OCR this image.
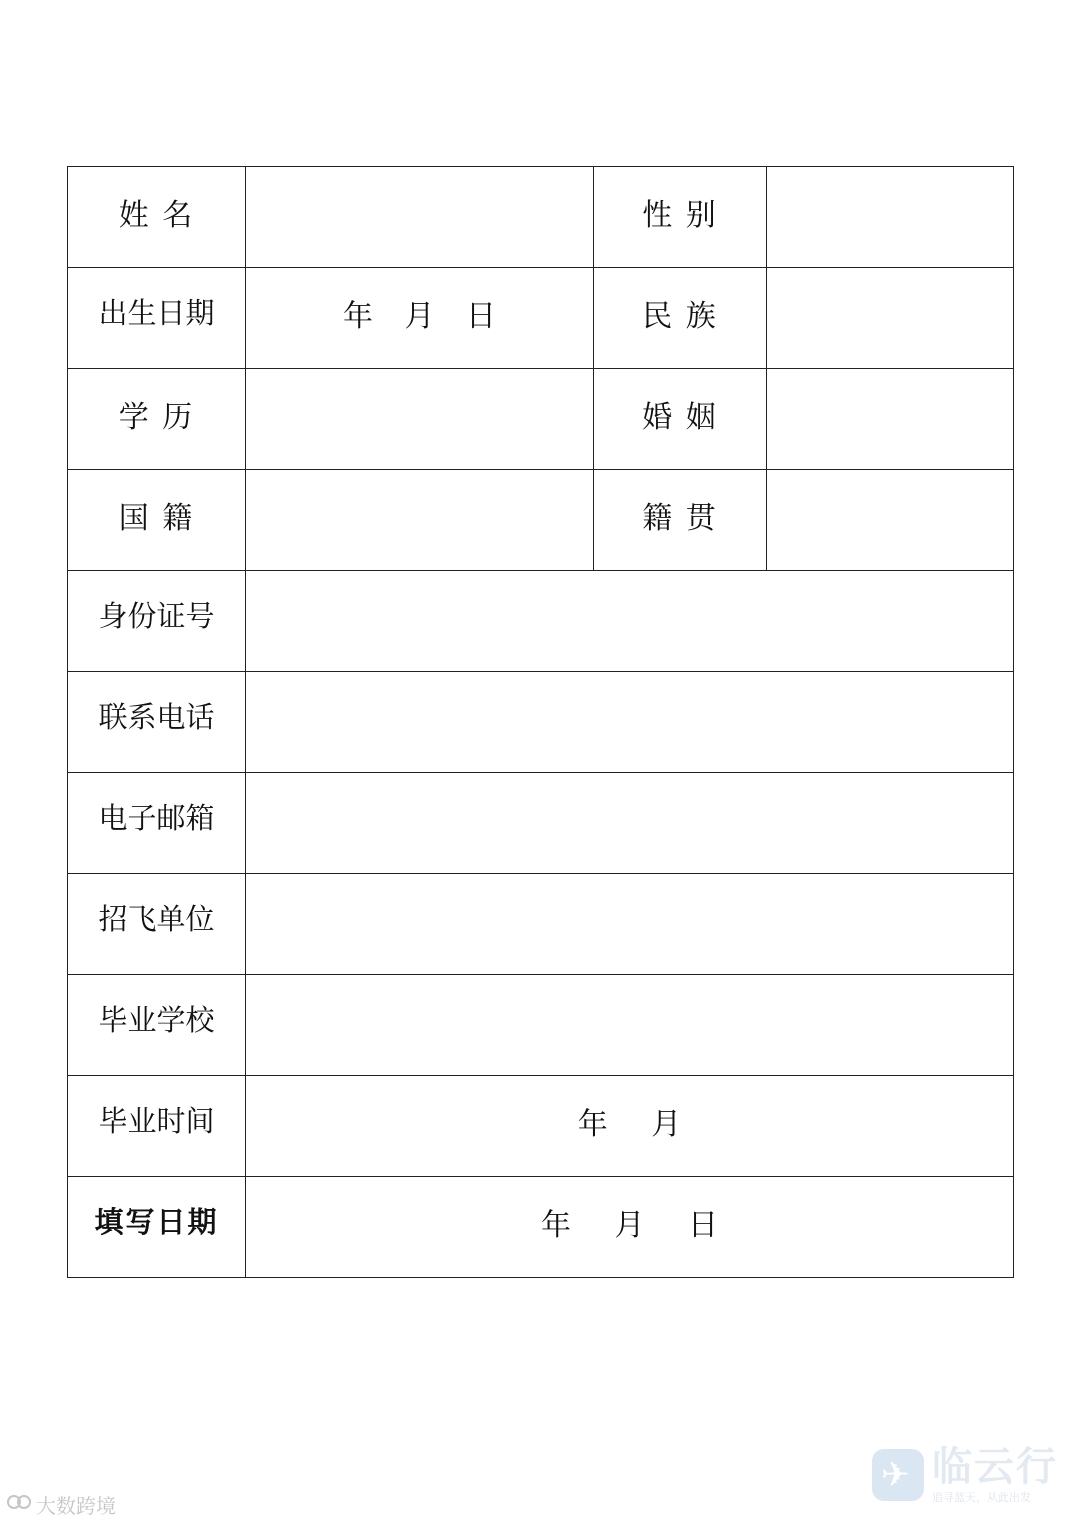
姓 名		性 别	

出生日期	年 月 日	民 族	

学 历		婚 姻	

国 籍		籍 贯	

身份证号			

联系电话			

电子邮箱			

招飞单位			

毕业学校			

毕业时间	年 月		

填写日期	年 月 日		
大数跨境
✈
临云行
追寻蓝天，从此出发
